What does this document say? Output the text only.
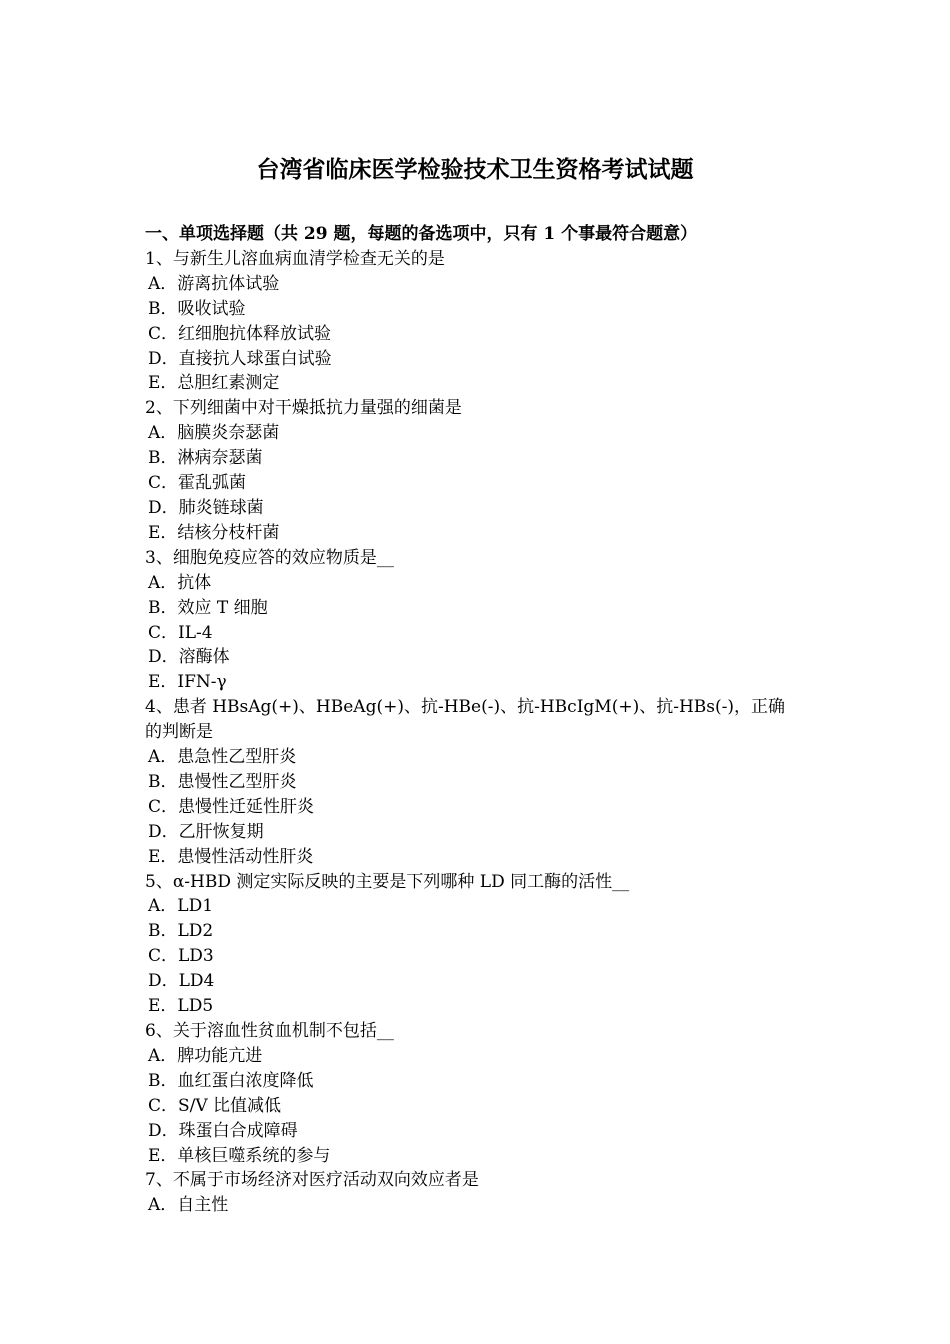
台湾省临床医学检验技术卫生资格考试试题
一、单项选择题（共 29 题，每题的备选项中，只有 1 个事最符合题意）
1、与新生儿溶血病血清学检查无关的是
A．游离抗体试验
B．吸收试验
C．红细胞抗体释放试验
D．直接抗人球蛋白试验
E．总胆红素测定
2、下列细菌中对干燥抵抗力量强的细菌是
A．脑膜炎奈瑟菌
B．淋病奈瑟菌
C．霍乱弧菌
D．肺炎链球菌
E．结核分枝杆菌
3、细胞免疫应答的效应物质是__
A．抗体
B．效应 T 细胞
C．IL-4
D．溶酶体
E．IFN-γ
4、患者 HBsAg(+)、HBeAg(+)、抗-HBe(-)、抗-HBcIgM(+)、抗-HBs(-)，正确
的判断是
A．患急性乙型肝炎
B．患慢性乙型肝炎
C．患慢性迁延性肝炎
D．乙肝恢复期
E．患慢性活动性肝炎
5、α-HBD 测定实际反映的主要是下列哪种 LD 同工酶的活性__
A．LD1
B．LD2
C．LD3
D．LD4
E．LD5
6、关于溶血性贫血机制不包括__
A．脾功能亢进
B．血红蛋白浓度降低
C．S/V 比值减低
D．珠蛋白合成障碍
E．单核巨噬系统的参与
7、不属于市场经济对医疗活动双向效应者是
A．自主性
